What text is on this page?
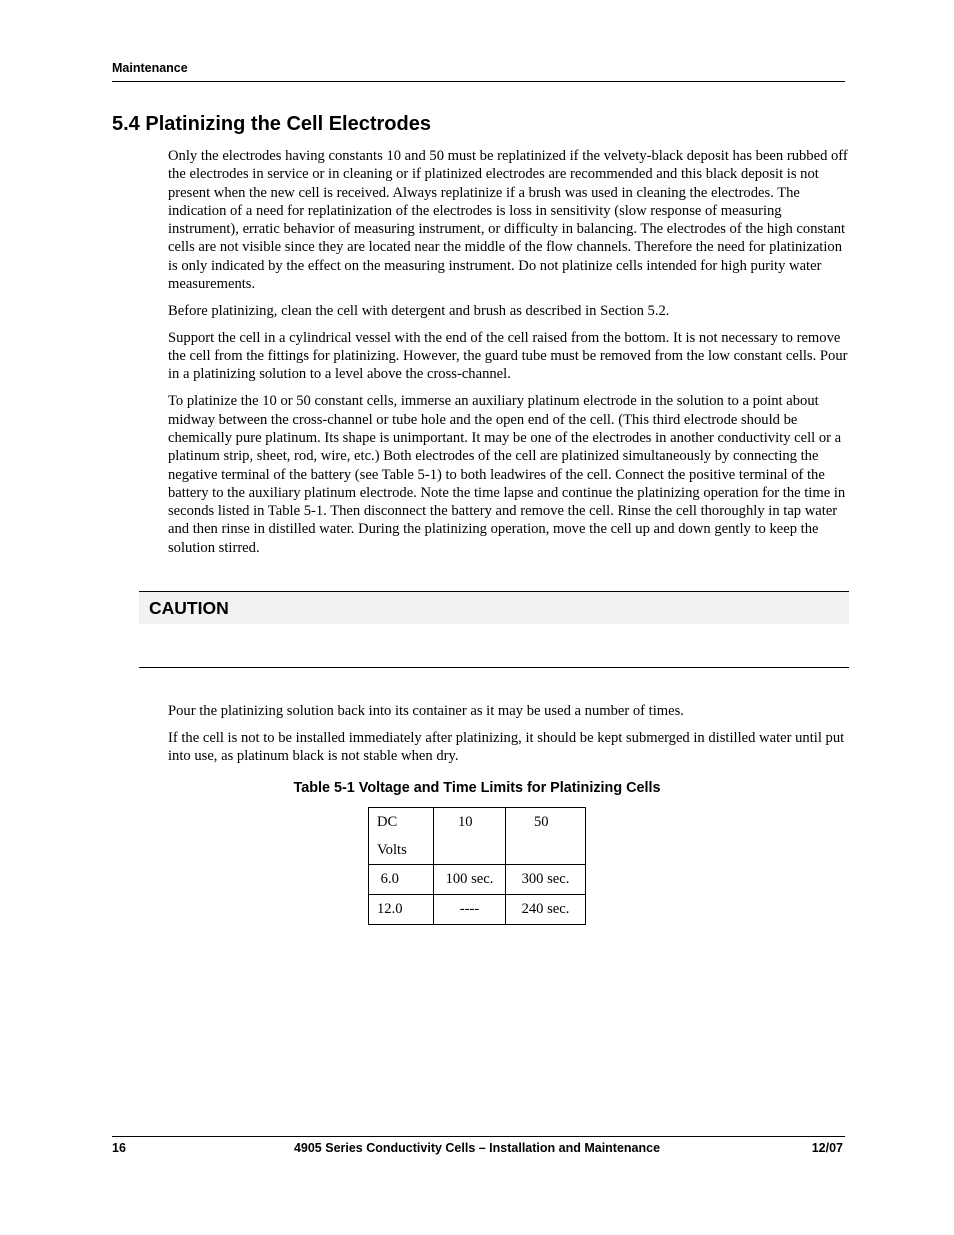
Maintenance
5.4 Platinizing the Cell Electrodes

Only the electrodes having constants 10 and 50 must be replatinized if the velvety-black deposit has been rubbed off the electrodes in service or in cleaning or if platinized electrodes are recommended and this black deposit is not present when the new cell is received. Always replatinize if a brush was used in cleaning the electrodes. The indication of a need for replatinization of the electrodes is loss in sensitivity (slow response of measuring instrument), erratic behavior of measuring instrument, or difficulty in balancing. The electrodes of the high constant cells are not visible since they are located near the middle of the flow channels. Therefore the need for platinization is only indicated by the effect on the measuring instrument. Do not platinize cells intended for high purity water measurements.

Before platinizing, clean the cell with detergent and brush as described in Section 5.2.

Support the cell in a cylindrical vessel with the end of the cell raised from the bottom. It is not necessary to remove the cell from the fittings for platinizing. However, the guard tube must be removed from the low constant cells. Pour in a platinizing solution to a level above the cross-channel.

To platinize the 10 or 50 constant cells, immerse an auxiliary platinum electrode in the solution to a point about midway between the cross-channel or tube hole and the open end of the cell. (This third electrode should be chemically pure platinum. Its shape is unimportant. It may be one of the electrodes in another conductivity cell or a platinum strip, sheet, rod, wire, etc.) Both electrodes of the cell are platinized simultaneously by connecting the negative terminal of the battery (see Table 5-1) to both leadwires of the cell. Connect the positive terminal of the battery to the auxiliary platinum electrode. Note the time lapse and continue the platinizing operation for the time in seconds listed in Table 5-1. Then disconnect the battery and remove the cell. Rinse the cell thoroughly in tap water and then rinse in distilled water. During the platinizing operation, move the cell up and down gently to keep the solution stirred.

CAUTION

Pour the platinizing solution back into its container as it may be used a number of times.

If the cell is not to be installed immediately after platinizing, it should be kept submerged in distilled water until put into use, as platinum black is not stable when dry.

Table 5-1 Voltage and Time Limits for Platinizing Cells
DC
Volts	10	50

6.0	100 sec.	300 sec.

12.0	----	240 sec.
16	4905 Series Conductivity Cells – Installation and Maintenance	12/07
